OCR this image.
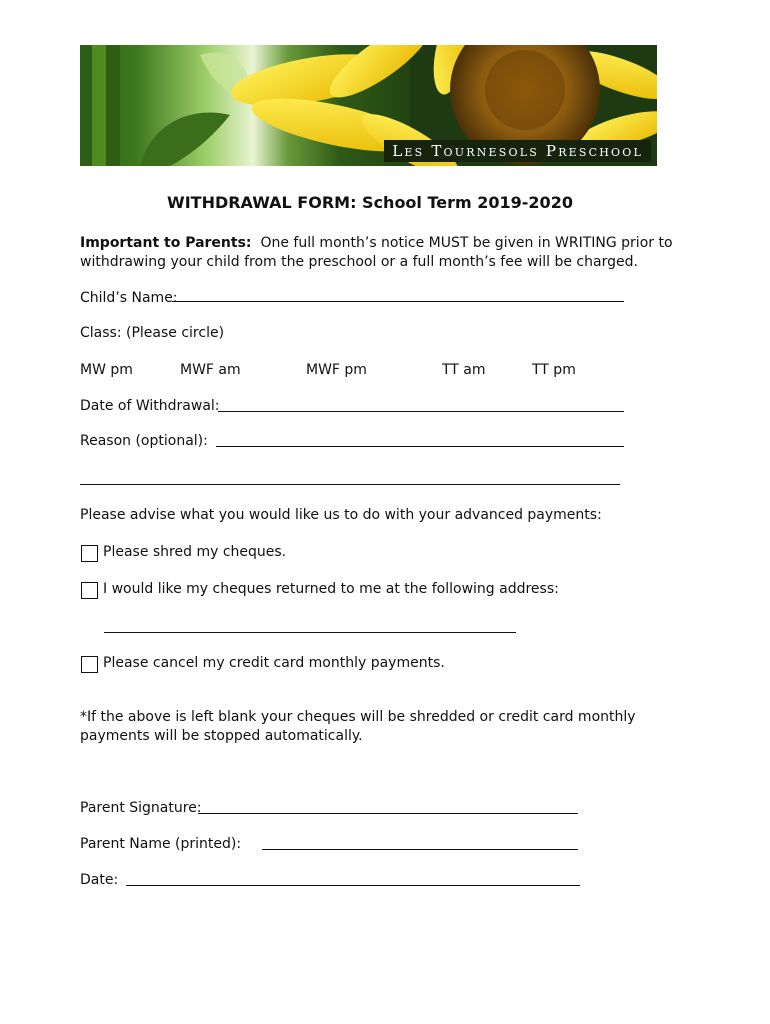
Les Tournesols Preschool
WITHDRAWAL FORM: School Term 2019-2020
Important to Parents: One full month’s notice MUST be given in WRITING prior to
withdrawing your child from the preschool or a full month’s fee will be charged.
Child’s Name:
Class: (Please circle)
MW pm	MWF am	MWF pm	TT am	TT pm
Date of Withdrawal:
Reason (optional):
Please advise what you would like us to do with your advanced payments:
Please shred my cheques.
I would like my cheques returned to me at the following address:
Please cancel my credit card monthly payments.
*If the above is left blank your cheques will be shredded or credit card monthly
payments will be stopped automatically.
Parent Signature:
Parent Name (printed):
Date:
